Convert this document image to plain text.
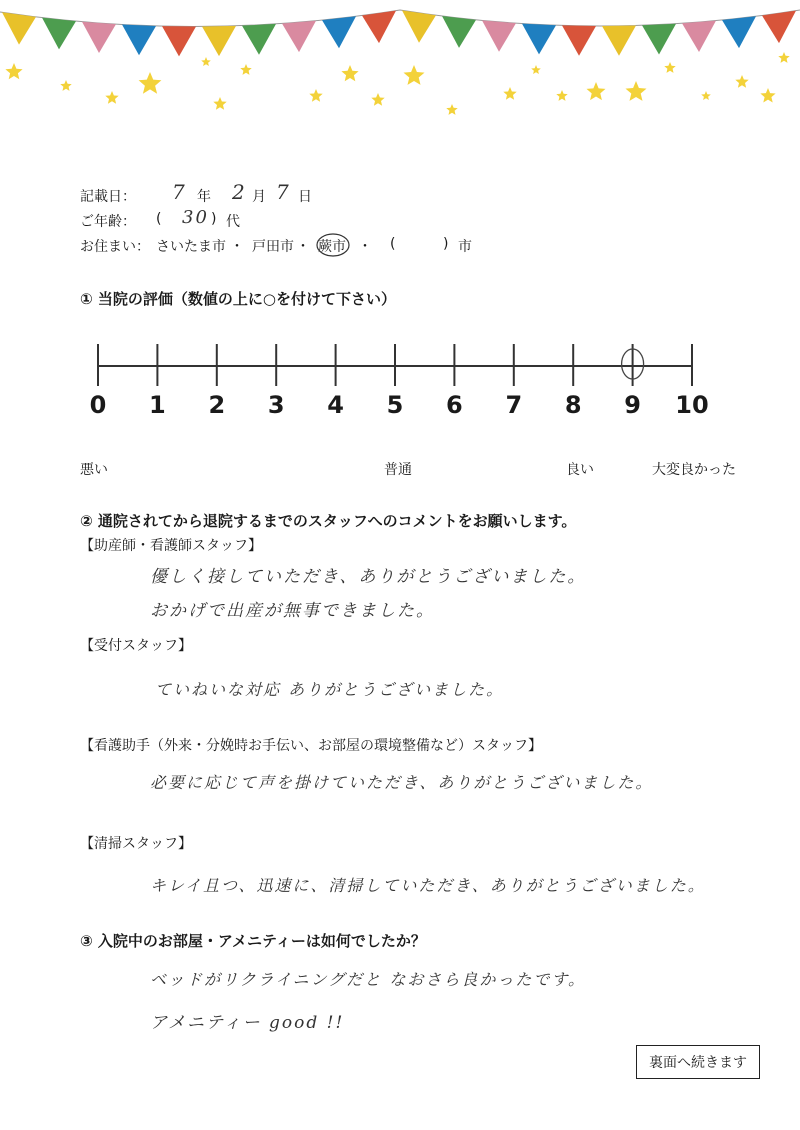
記載日： 7 年 2 月 7 日
ご年齢： ( 30 ) 代
お住まい： さいたま市 ・ 戸田市 ・ 蕨市 ・ (	) 市
① 当院の評価（数値の上に○を付けて下さい）
0	1	2	3	4	5	6	7	8	9	10
悪い	普通	良い	大変良かった
② 通院されてから退院するまでのスタッフへのコメントをお願いします。
【助産師・看護師スタッフ】
優しく接していただき、ありがとうございました。
おかげで出産が無事できました。
【受付スタッフ】
ていねいな対応 ありがとうございました。
【看護助手（外来・分娩時お手伝い、お部屋の環境整備など）スタッフ】
必要に応じて声を掛けていただき、ありがとうございました。
【清掃スタッフ】
キレイ且つ、迅速に、清掃していただき、ありがとうございました。
③ 入院中のお部屋・アメニティーは如何でしたか？
ベッドがリクライニングだと なおさら良かったです。
アメニティー good !!
裏面へ続きます
